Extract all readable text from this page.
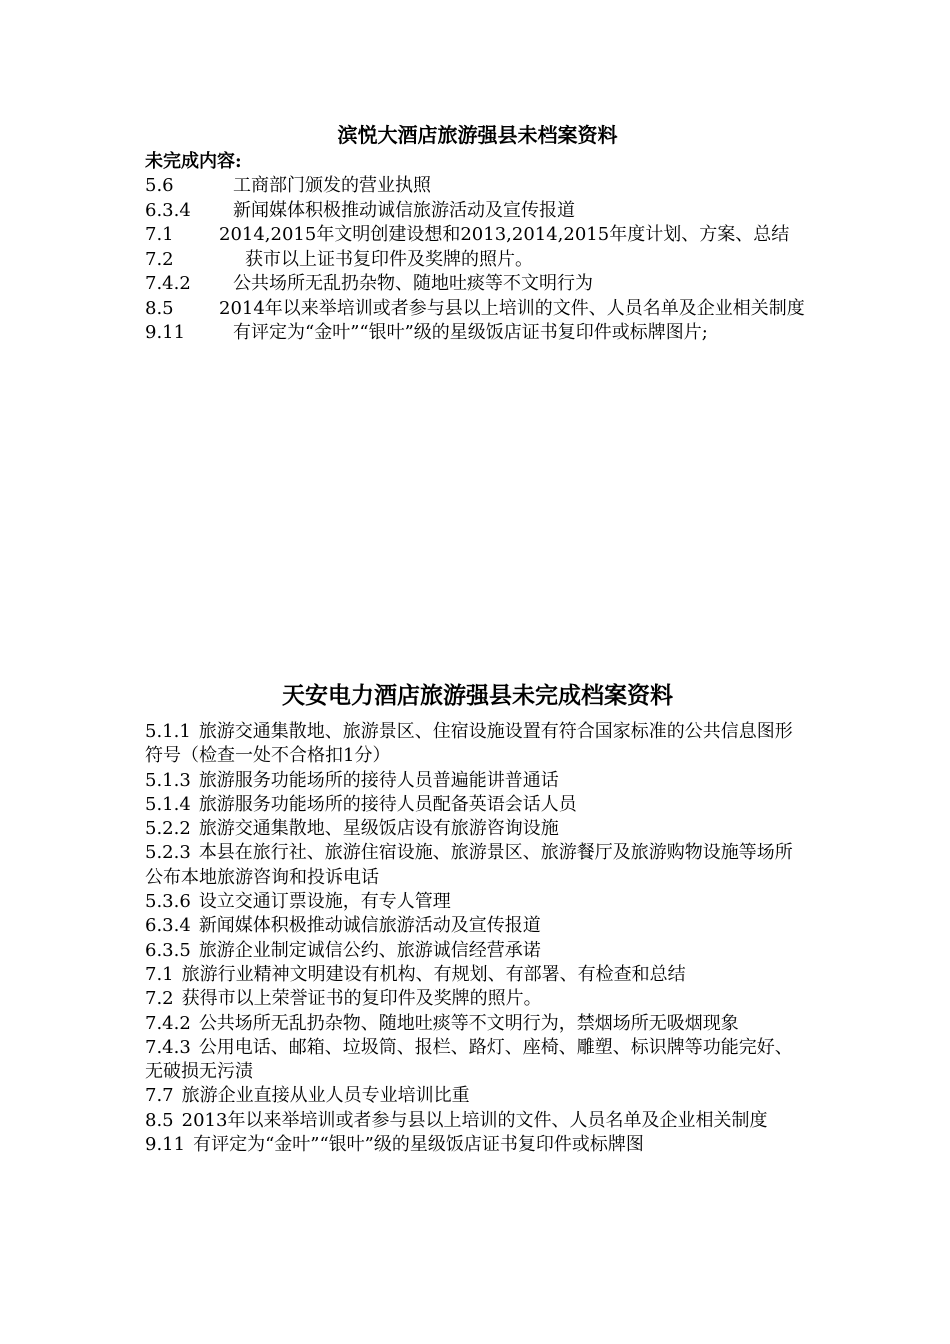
滨悦大酒店旅游强县未档案资料

未完成内容:

5.6	工商部门颁发的营业执照
6.3.4 新闻媒体积极推动诚信旅游活动及宣传报道
7.1	2014,2015年文明创建设想和2013,2014,2015年度计划、方案、总结
7.2	获市以上证书复印件及奖牌的照片。
7.4.2 公共场所无乱扔杂物、随地吐痰等不文明行为
8.5	2014年以来举培训或者参与县以上培训的文件、人员名单及企业相关制度
9.11	有评定为“金叶”“银叶”级的星级饭店证书复印件或标牌图片;
天安电力酒店旅游强县未完成档案资料
5.1.1 旅游交通集散地、旅游景区、住宿设施设置有符合国家标准的公共信息图形符号（检查一处不合格扣1分）
5.1.3 旅游服务功能场所的接待人员普遍能讲普通话
5.1.4 旅游服务功能场所的接待人员配备英语会话人员
5.2.2 旅游交通集散地、星级饭店设有旅游咨询设施
5.2.3 本县在旅行社、旅游住宿设施、旅游景区、旅游餐厅及旅游购物设施等场所公布本地旅游咨询和投诉电话
5.3.6 设立交通订票设施，有专人管理
6.3.4 新闻媒体积极推动诚信旅游活动及宣传报道
6.3.5 旅游企业制定诚信公约、旅游诚信经营承诺
7.1 旅游行业精神文明建设有机构、有规划、有部署、有检查和总结
7.2 获得市以上荣誉证书的复印件及奖牌的照片。
7.4.2 公共场所无乱扔杂物、随地吐痰等不文明行为，禁烟场所无吸烟现象
7.4.3 公用电话、邮箱、垃圾筒、报栏、路灯、座椅、雕塑、标识牌等功能完好、无破损无污渍
7.7 旅游企业直接从业人员专业培训比重
8.5 2013年以来举培训或者参与县以上培训的文件、人员名单及企业相关制度
9.11 有评定为“金叶”“银叶”级的星级饭店证书复印件或标牌图
